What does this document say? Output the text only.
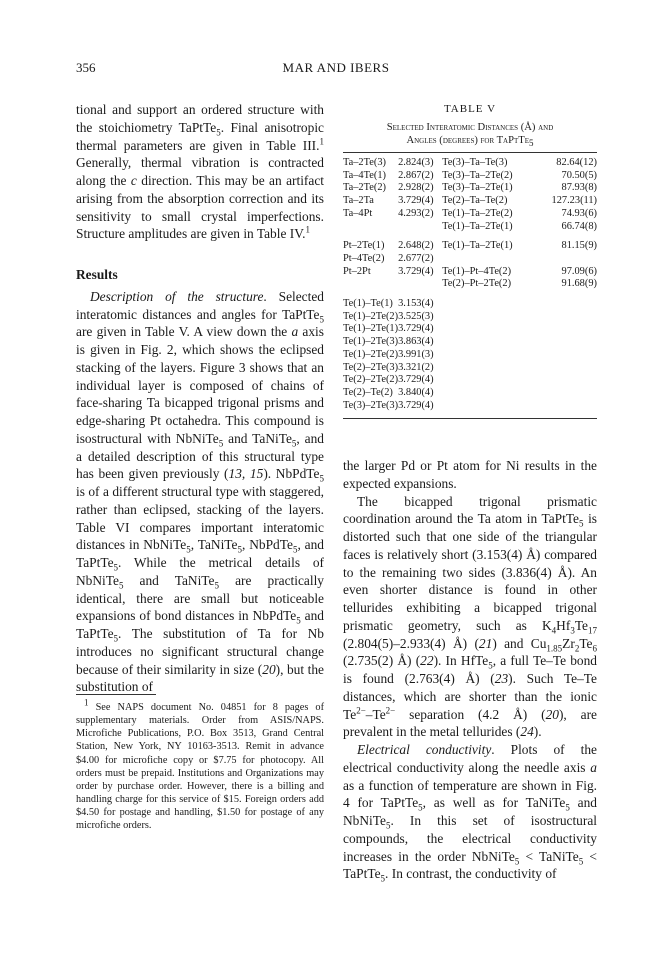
356	MAR AND IBERS

tional and support an ordered structure with the stoichiometry TaPtTe$_5$. Final anisotropic thermal parameters are given in Table III.$^1$ Generally, thermal vibration is contracted along the c direction. This may be an artifact arising from the absorption correction and its sensitivity to small crystal imperfections. Structure amplitudes are given in Table IV.$^1$

Results

Description of the structure. Selected interatomic distances and angles for TaPtTe$_5$ are given in Table V. A view down the a axis is given in Fig. 2, which shows the eclipsed stacking of the layers. Figure 3 shows that an individual layer is composed of chains of face-sharing Ta bicapped trigonal prisms and edge-sharing Pt octahedra. This compound is isostructural with NbNiTe$_5$ and TaNiTe$_5$, and a detailed description of this structural type has been given previously (13, 15). NbPdTe$_5$ is of a different structural type with staggered, rather than eclipsed, stacking of the layers. Table VI compares important interatomic distances in NbNiTe$_5$, TaNiTe$_5$, NbPdTe$_5$, and TaPtTe$_5$. While the metrical details of NbNiTe$_5$ and TaNiTe$_5$ are practically identical, there are small but noticeable expansions of bond distances in NbPdTe$_5$ and TaPtTe$_5$. The substitution of Ta for Nb introduces no significant structural change because of their similarity in size (20), but the substitution of

$^1$ See NAPS document No. 04851 for 8 pages of supplementary materials. Order from ASIS/NAPS. Microfiche Publications, P.O. Box 3513, Grand Central Station, New York, NY 10163-3513. Remit in advance $4.00 for microfiche copy or $7.75 for photocopy. All orders must be prepaid. Institutions and Organizations may order by purchase order. However, there is a billing and handling charge for this service of $15. Foreign orders add $4.50 for postage and handling, $1.50 for postage of any microfiche orders.

TABLE V
Selected Interatomic Distances (Å) and
Angles (degrees) for TaPtTe$_5$
Ta–2Te(3)	2.824(3)	Te(3)–Ta–Te(3)	82.64(12)
Ta–4Te(1)	2.867(2)	Te(3)–Ta–2Te(2)	70.50(5)
Ta–2Te(2)	2.928(2)	Te(3)–Ta–2Te(1)	87.93(8)
Ta–2Ta	3.729(4)	Te(2)–Ta–Te(2)	127.23(11)
Ta–4Pt	4.293(2)	Te(1)–Ta–2Te(2)	74.93(6)
		Te(1)–Ta–2Te(1)	66.74(8)
Pt–2Te(1)	2.648(2)	Te(1)–Ta–2Te(1)	81.15(9)
Pt–4Te(2)	2.677(2)		
Pt–2Pt	3.729(4)	Te(1)–Pt–4Te(2)	97.09(6)
		Te(2)–Pt–2Te(2)	91.68(9)
Te(1)–Te(1)	3.153(4)		
Te(1)–2Te(2)	3.525(3)		
Te(1)–2Te(1)	3.729(4)		
Te(1)–2Te(3)	3.863(4)		
Te(1)–2Te(2)	3.991(3)		
Te(2)–2Te(3)	3.321(2)		
Te(2)–2Te(2)	3.729(4)		
Te(2)–Te(2)	3.840(4)		
Te(3)–2Te(3)	3.729(4)		

the larger Pd or Pt atom for Ni results in the expected expansions.

The bicapped trigonal prismatic coordination around the Ta atom in TaPtTe$_5$ is distorted such that one side of the triangular faces is relatively short (3.153(4) Å) compared to the remaining two sides (3.836(4) Å). An even shorter distance is found in other tellurides exhibiting a bicapped trigonal prismatic geometry, such as $K_4Hf_3Te_{17}$ (2.804(5)–2.933(4) Å) (21) and $Cu_{1.85}Zr_2Te_6$ (2.735(2) Å) (22). In HfTe$_5$, a full Te–Te bond is found (2.763(4) Å) (23). Such Te–Te distances, which are shorter than the ionic $Te^{2-}-Te^{2-}$ separation (4.2 Å) (20), are prevalent in the metal tellurides (24).

Electrical conductivity. Plots of the electrical conductivity along the needle axis a as a function of temperature are shown in Fig. 4 for TaPtTe$_5$, as well as for TaNiTe$_5$ and NbNiTe$_5$. In this set of isostructural compounds, the electrical conductivity increases in the order NbNiTe$_5$ < TaNiTe$_5$ < TaPtTe$_5$. In contrast, the conductivity of
